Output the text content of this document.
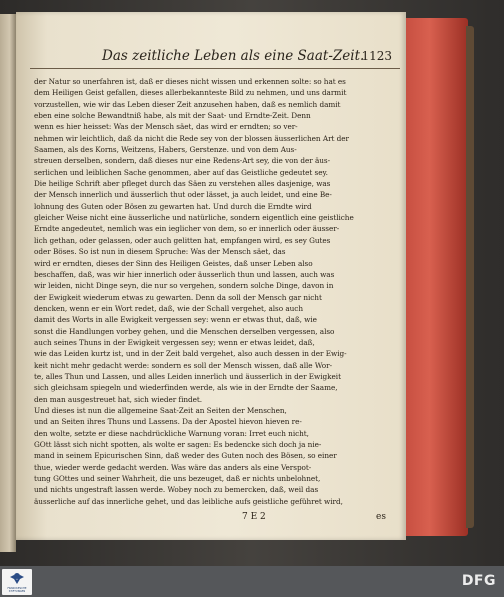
Das zeitliche Leben als eine Saat-Zeit.
1123
der Natur so unerfahren ist, daß er dieses nicht wissen und erkennen solte: so hat es
dem Heiligen Geist gefallen, dieses allerbekannteste Bild zu nehmen, und uns darmit
vorzustellen, wie wir das Leben dieser Zeit anzusehen haben, daß es nemlich damit
eben eine solche Bewandtniß habe, als mit der Saat- und Erndte-Zeit. Denn
wenn es hier heisset: Was der Mensch säet, das wird er erndten; so ver-
nehmen wir leichtlich, daß da nicht die Rede sey von der blossen äusserlichen Art der
Saamen, als des Korns, Weitzens, Habers, Gerstenze. und von dem Aus-
streuen derselben, sondern, daß dieses nur eine Redens-Art sey, die von der äus-
serlichen und leiblichen Sache genommen, aber auf das Geistliche gedeutet sey.
Die heilige Schrift aber pfleget durch das Säen zu verstehen alles dasjenige, was
der Mensch innerlich und äusserlich thut oder lässet, ja auch leidet, und eine Be-
lohnung des Guten oder Bösen zu gewarten hat. Und durch die Erndte wird
gleicher Weise nicht eine äusserliche und natürliche, sondern eigentlich eine geistliche
Erndte angedeutet, nemlich was ein ieglicher von dem, so er innerlich oder äusser-
lich gethan, oder gelassen, oder auch gelitten hat, empfangen wird, es sey Gutes
oder Böses. So ist nun in diesem Spruche: Was der Mensch säet, das
wird er erndten, dieses der Sinn des Heiligen Geistes, daß unser Leben also
beschaffen, daß, was wir hier innerlich oder äusserlich thun und lassen, auch was
wir leiden, nicht Dinge seyn, die nur so vergehen, sondern solche Dinge, davon in
der Ewigkeit wiederum etwas zu gewarten. Denn da soll der Mensch gar nicht
dencken, wenn er ein Wort redet, daß, wie der Schall vergehet, also auch
damit des Worts in alle Ewigkeit vergessen sey: wenn er etwas thut, daß, wie
sonst die Handlungen vorbey gehen, und die Menschen derselben vergessen, also
auch seines Thuns in der Ewigkeit vergessen sey; wenn er etwas leidet, daß,
wie das Leiden kurtz ist, und in der Zeit bald vergehet, also auch dessen in der Ewig-
keit nicht mehr gedacht werde: sondern es soll der Mensch wissen, daß alle Wor-
te, alles Thun und Lassen, und alles Leiden innerlich und äusserlich in der Ewigkeit
sich gleichsam spiegeln und wiederfinden werde, als wie in der Erndte der Saame,
den man ausgestreuet hat, sich wieder findet.
Und dieses ist nun die allgemeine Saat-Zeit an Seiten der Menschen,
und an Seiten ihres Thuns und Lassens. Da der Apostel hievon hieven re-
den wolte, setzte er diese nachdrückliche Warnung voran: Irret euch nicht,
GOtt lässt sich nicht spotten, als wolte er sagen: Es bedencke sich doch ja nie-
mand in seinem Epicurischen Sinn, daß weder des Guten noch des Bösen, so einer
thue, wieder werde gedacht werden. Was wäre das anders als eine Verspot-
tung GOttes und seiner Wahrheit, die uns bezeuget, daß er nichts unbelohnet,
und nichts ungestraft lassen werde. Wobey noch zu bemercken, daß, weil das
äusserliche auf das innerliche gehet, und das leibliche aufs geistliche geführet wird,
7 E 2	es
FRANCKESCHE STIFTUNGEN
DFG
